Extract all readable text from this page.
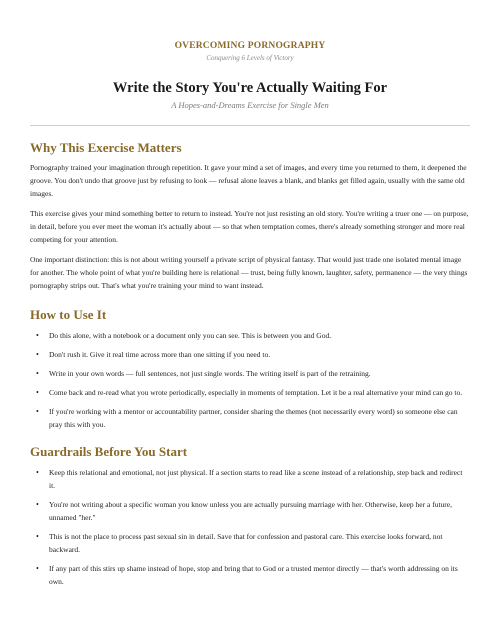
OVERCOMING PORNOGRAPHY
Conquering 6 Levels of Victory
Write the Story You're Actually Waiting For
A Hopes-and-Dreams Exercise for Single Men
Why This Exercise Matters

Pornography trained your imagination through repetition. It gave your mind a set of images, and every time you returned to them, it deepened the groove. You don't undo that groove just by refusing to look — refusal alone leaves a blank, and blanks get filled again, usually with the same old images.

This exercise gives your mind something better to return to instead. You're not just resisting an old story. You're writing a truer one — on purpose, in detail, before you ever meet the woman it's actually about — so that when temptation comes, there's already something stronger and more real competing for your attention.

One important distinction: this is not about writing yourself a private script of physical fantasy. That would just trade one isolated mental image for another. The whole point of what you're building here is relational — trust, being fully known, laughter, safety, permanence — the very things pornography strips out. That's what you're training your mind to want instead.

How to Use It
• Do this alone, with a notebook or a document only you can see. This is between you and God.
• Don't rush it. Give it real time across more than one sitting if you need to.
• Write in your own words — full sentences, not just single words. The writing itself is part of the retraining.
• Come back and re-read what you wrote periodically, especially in moments of temptation. Let it be a real alternative your mind can go to.
• If you're working with a mentor or accountability partner, consider sharing the themes (not necessarily every word) so someone else can pray this with you.
Guardrails Before You Start
• Keep this relational and emotional, not just physical. If a section starts to read like a scene instead of a relationship, step back and redirect it.
• You're not writing about a specific woman you know unless you are actually pursuing marriage with her. Otherwise, keep her a future, unnamed "her."
• This is not the place to process past sexual sin in detail. Save that for confession and pastoral care. This exercise looks forward, not backward.
• If any part of this stirs up shame instead of hope, stop and bring that to God or a trusted mentor directly — that's worth addressing on its own.
